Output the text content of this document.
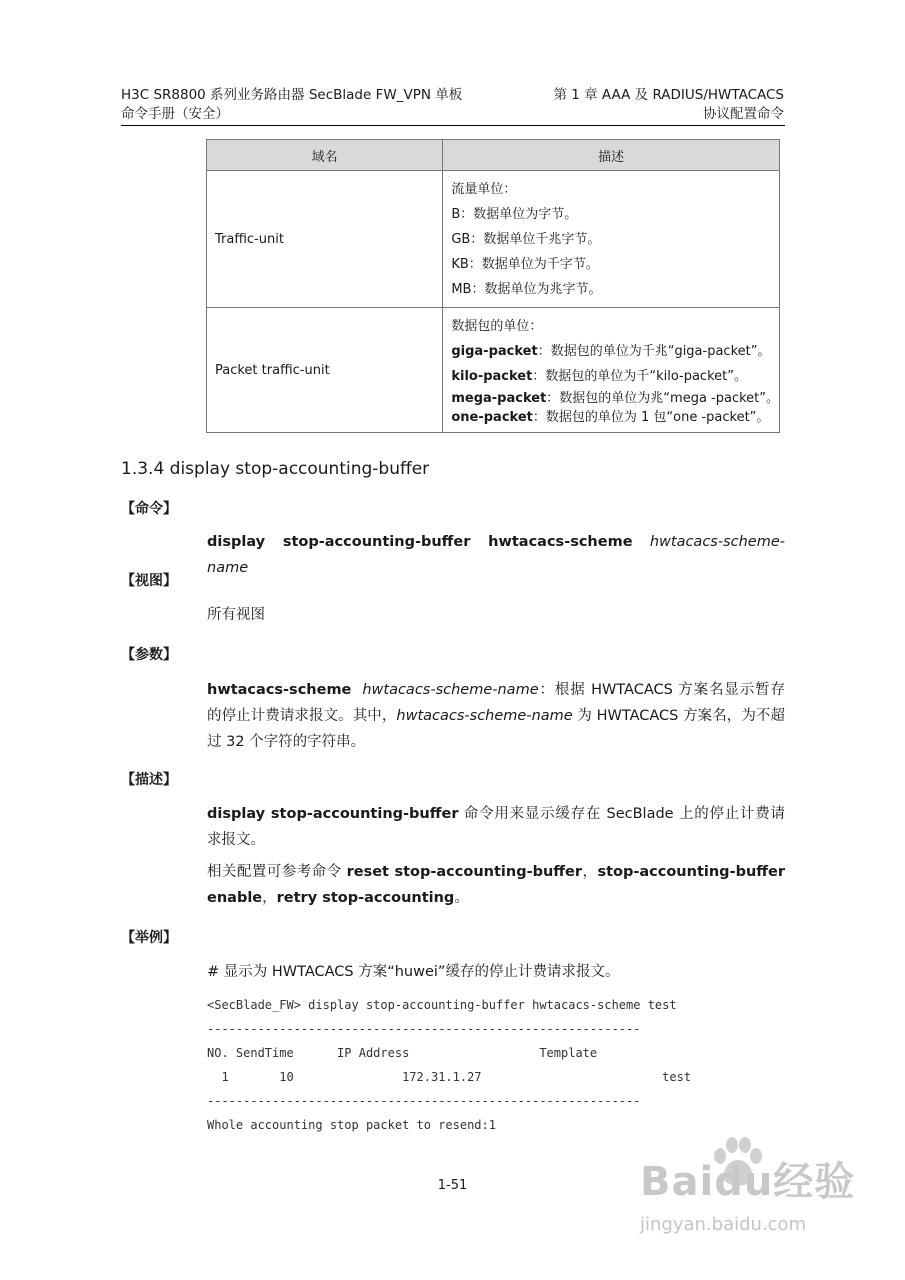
H3C SR8800 系列业务路由器 SecBlade FW_VPN 单板
命令手册（安全）
第 1 章 AAA 及 RADIUS/HWTACACS
协议配置命令
域名	描述
Traffic-unit	流量单位：
B：数据单位为字节。
GB：数据单位千兆字节。
KB：数据单位为千字节。
MB：数据单位为兆字节。

Packet traffic-unit	数据包的单位：
giga-packet：数据包的单位为千兆“giga-packet”。
kilo-packet：数据包的单位为千“kilo-packet”。
mega-packet：数据包的单位为兆“mega -packet”。
one-packet：数据包的单位为 1 包“one -packet”。
1.3.4 display stop-accounting-buffer
【命令】
display stop-accounting-buffer hwtacacs-scheme hwtacacs-scheme-name
【视图】
所有视图
【参数】
hwtacacs-scheme hwtacacs-scheme-name：根据 HWTACACS 方案名显示暂存的停止计费请求报文。其中，hwtacacs-scheme-name 为 HWTACACS 方案名，为不超过 32 个字符的字符串。
【描述】
display stop-accounting-buffer 命令用来显示缓存在 SecBlade 上的停止计费请求报文。
相关配置可参考命令 reset stop-accounting-buffer，stop-accounting-buffer enable，retry stop-accounting。
【举例】
# 显示为 HWTACACS 方案“huwei”缓存的停止计费请求报文。
<SecBlade_FW> display stop-accounting-buffer hwtacacs-scheme test
------------------------------------------------------------
NO. SendTime      IP Address                  Template
1       10               172.31.1.27                         test
------------------------------------------------------------
Whole accounting stop packet to resend:1
1-51	Baidu经验
jingyan.baidu.com
